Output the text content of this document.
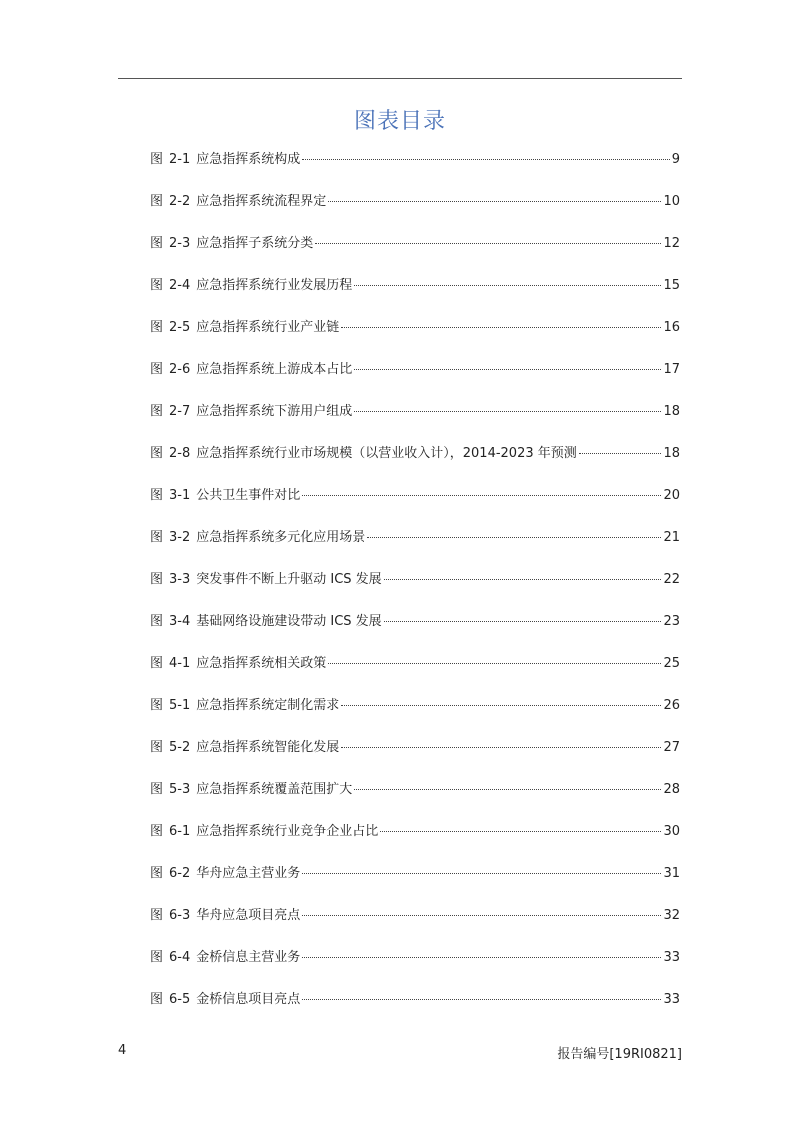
图表目录
图 2-1 应急指挥系统构成	9
图 2-2 应急指挥系统流程界定	10
图 2-3 应急指挥子系统分类	12
图 2-4 应急指挥系统行业发展历程	15
图 2-5 应急指挥系统行业产业链	16
图 2-6 应急指挥系统上游成本占比	17
图 2-7 应急指挥系统下游用户组成	18
图 2-8 应急指挥系统行业市场规模（以营业收入计），2014-2023 年预测	18
图 3-1 公共卫生事件对比	20
图 3-2 应急指挥系统多元化应用场景	21
图 3-3 突发事件不断上升驱动 ICS 发展	22
图 3-4 基础网络设施建设带动 ICS 发展	23
图 4-1 应急指挥系统相关政策	25
图 5-1 应急指挥系统定制化需求	26
图 5-2 应急指挥系统智能化发展	27
图 5-3 应急指挥系统覆盖范围扩大	28
图 6-1 应急指挥系统行业竞争企业占比	30
图 6-2 华舟应急主营业务	31
图 6-3 华舟应急项目亮点	32
图 6-4 金桥信息主营业务	33
图 6-5 金桥信息项目亮点	33
4	报告编号[19RI0821]
